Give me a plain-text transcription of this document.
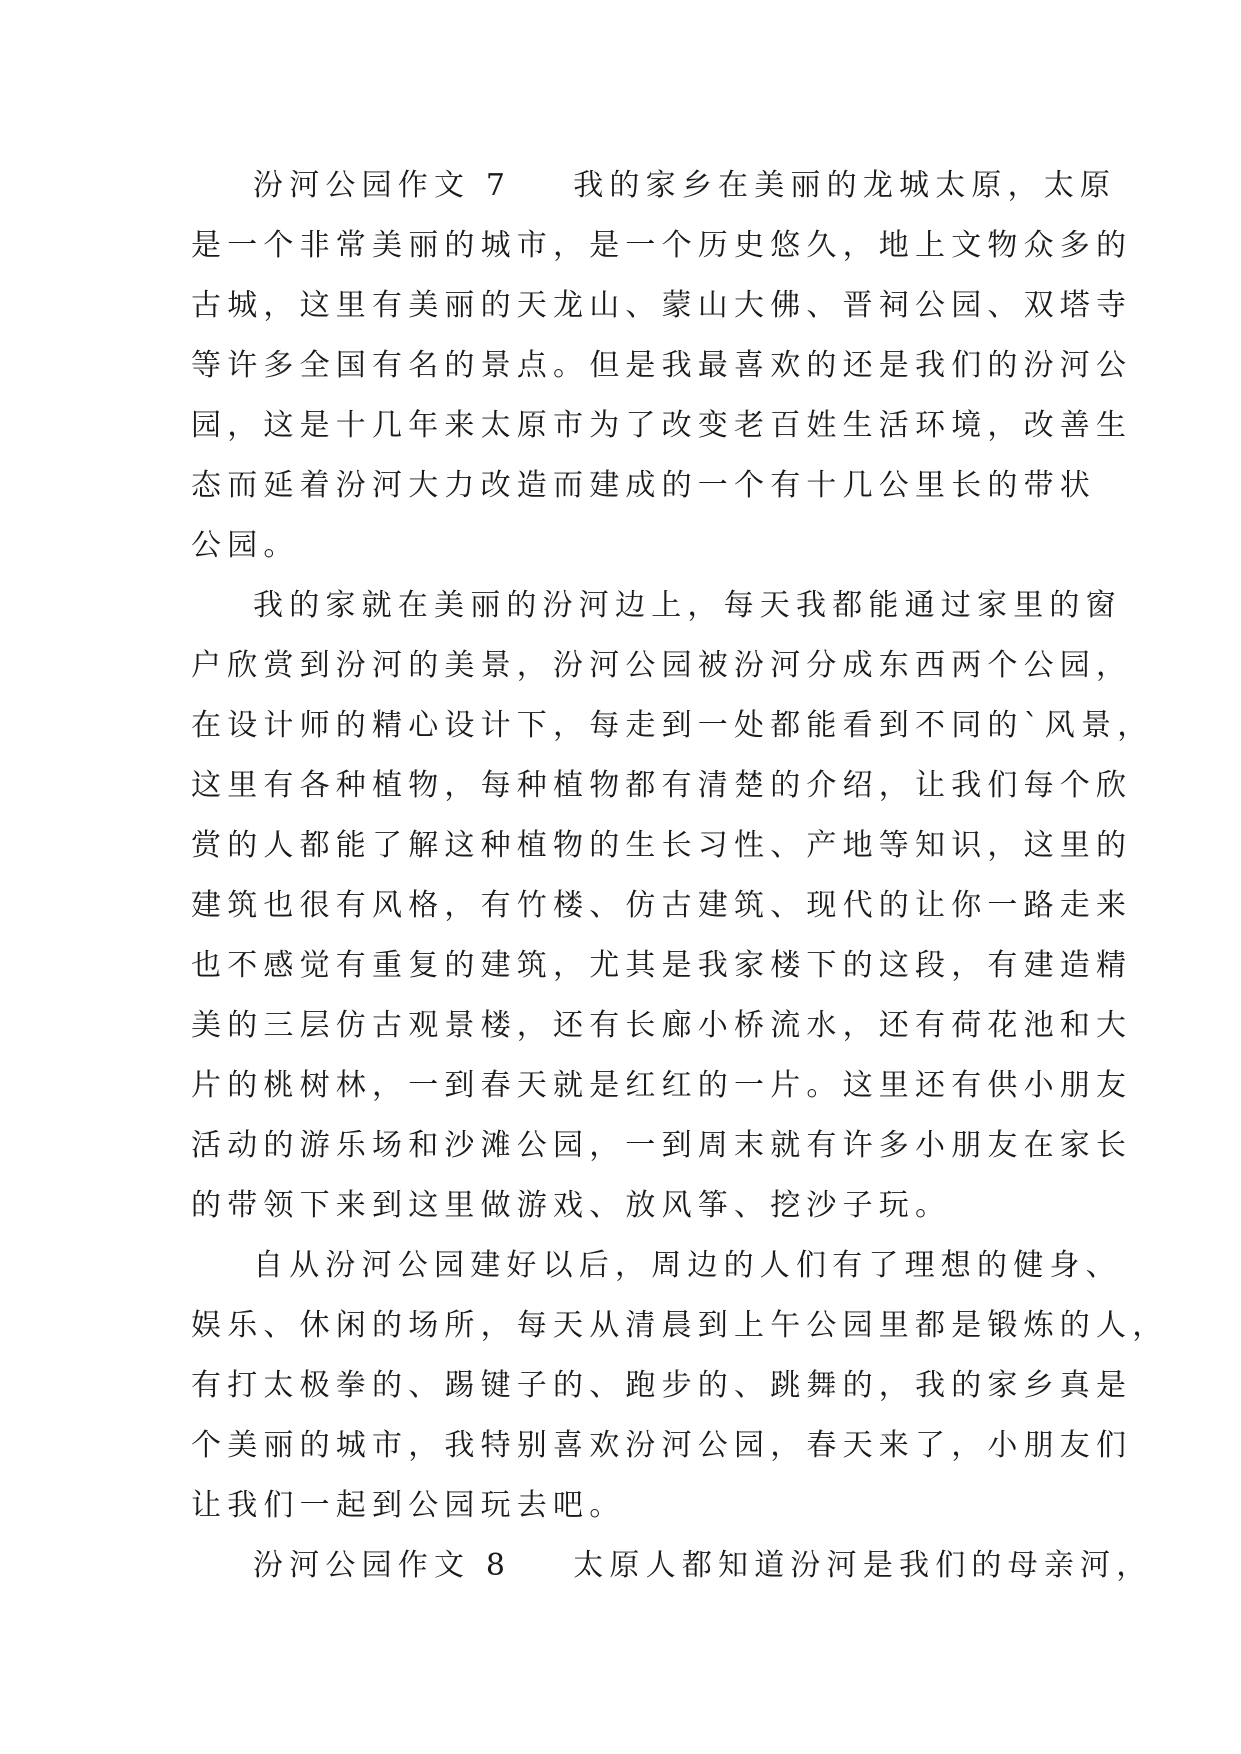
汾河公园作文 7 我的家乡在美丽的龙城太原，太原
是一个非常美丽的城市，是一个历史悠久，地上文物众多的
古城，这里有美丽的天龙山、蒙山大佛、晋祠公园、双塔寺
等许多全国有名的景点。但是我最喜欢的还是我们的汾河公
园，这是十几年来太原市为了改变老百姓生活环境，改善生
态而延着汾河大力改造而建成的一个有十几公里长的带状
公园。
我的家就在美丽的汾河边上，每天我都能通过家里的窗
户欣赏到汾河的美景，汾河公园被汾河分成东西两个公园，
在设计师的精心设计下，每走到一处都能看到不同的`风景，
这里有各种植物，每种植物都有清楚的介绍，让我们每个欣
赏的人都能了解这种植物的生长习性、产地等知识，这里的
建筑也很有风格，有竹楼、仿古建筑、现代的让你一路走来
也不感觉有重复的建筑，尤其是我家楼下的这段，有建造精
美的三层仿古观景楼，还有长廊小桥流水，还有荷花池和大
片的桃树林，一到春天就是红红的一片。这里还有供小朋友
活动的游乐场和沙滩公园，一到周末就有许多小朋友在家长
的带领下来到这里做游戏、放风筝、挖沙子玩。
自从汾河公园建好以后，周边的人们有了理想的健身、
娱乐、休闲的场所，每天从清晨到上午公园里都是锻炼的人，
有打太极拳的、踢键子的、跑步的、跳舞的，我的家乡真是
个美丽的城市，我特别喜欢汾河公园，春天来了，小朋友们
让我们一起到公园玩去吧。
汾河公园作文 8 太原人都知道汾河是我们的母亲河，
